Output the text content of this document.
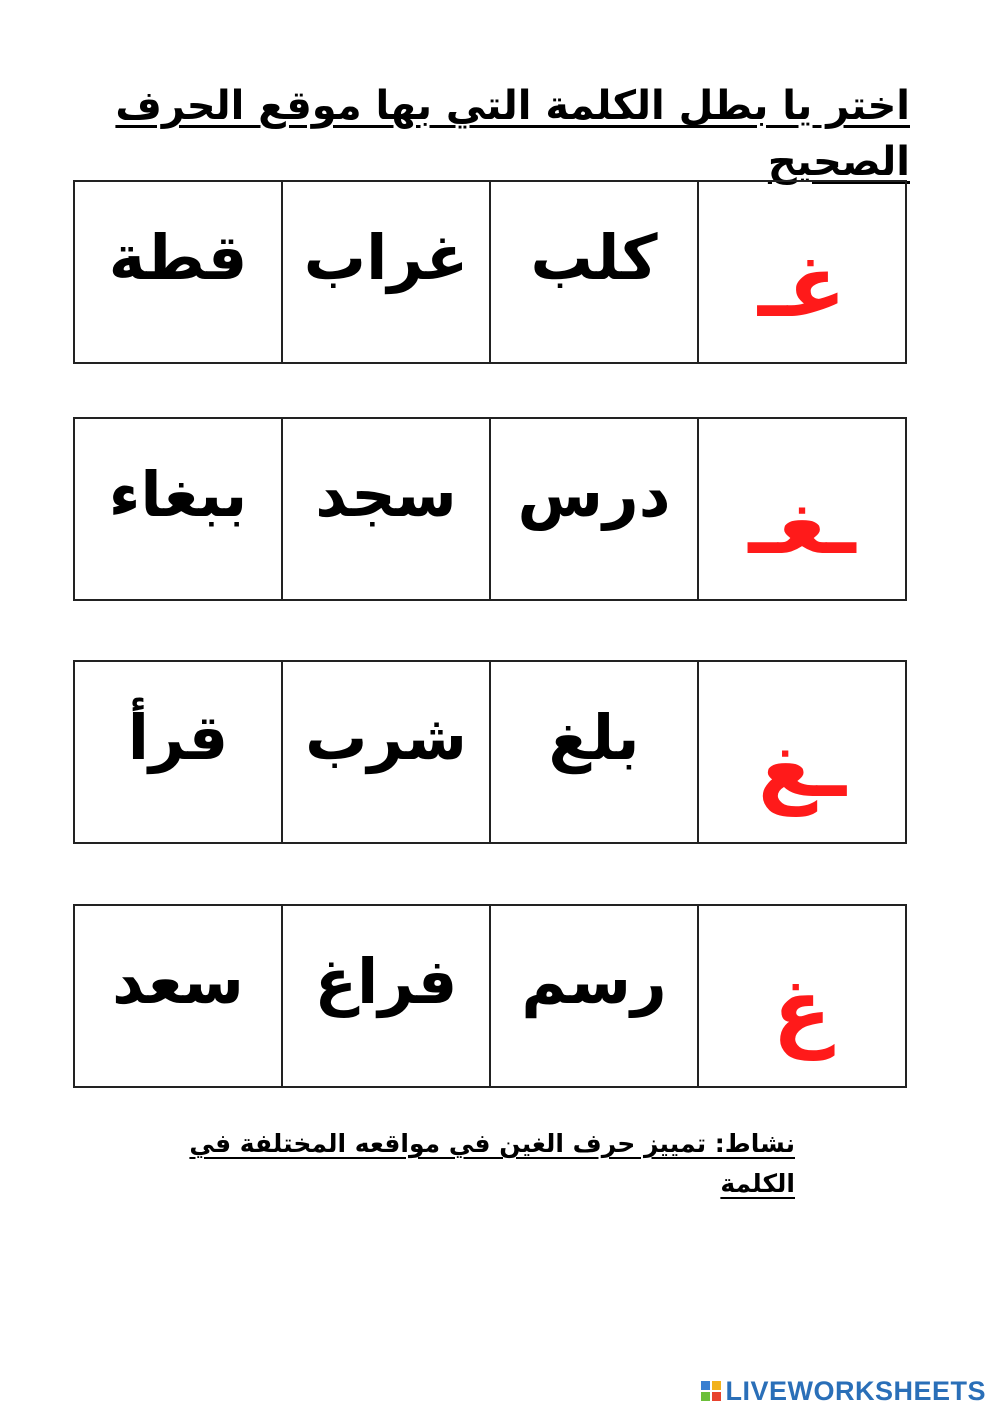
اختر يا بطل الكلمة التي بها موقع الحرف الصحيح
غـ
كلب
غراب
قطة
ـغـ
درس
سجد
ببغاء
ـغ
بلغ
شرب
قرأ
غ
رسم
فراغ
سعد
نشاط: تمييز حرف الغين في مواقعه المختلفة في الكلمة
LIVEWORKSHEETS
